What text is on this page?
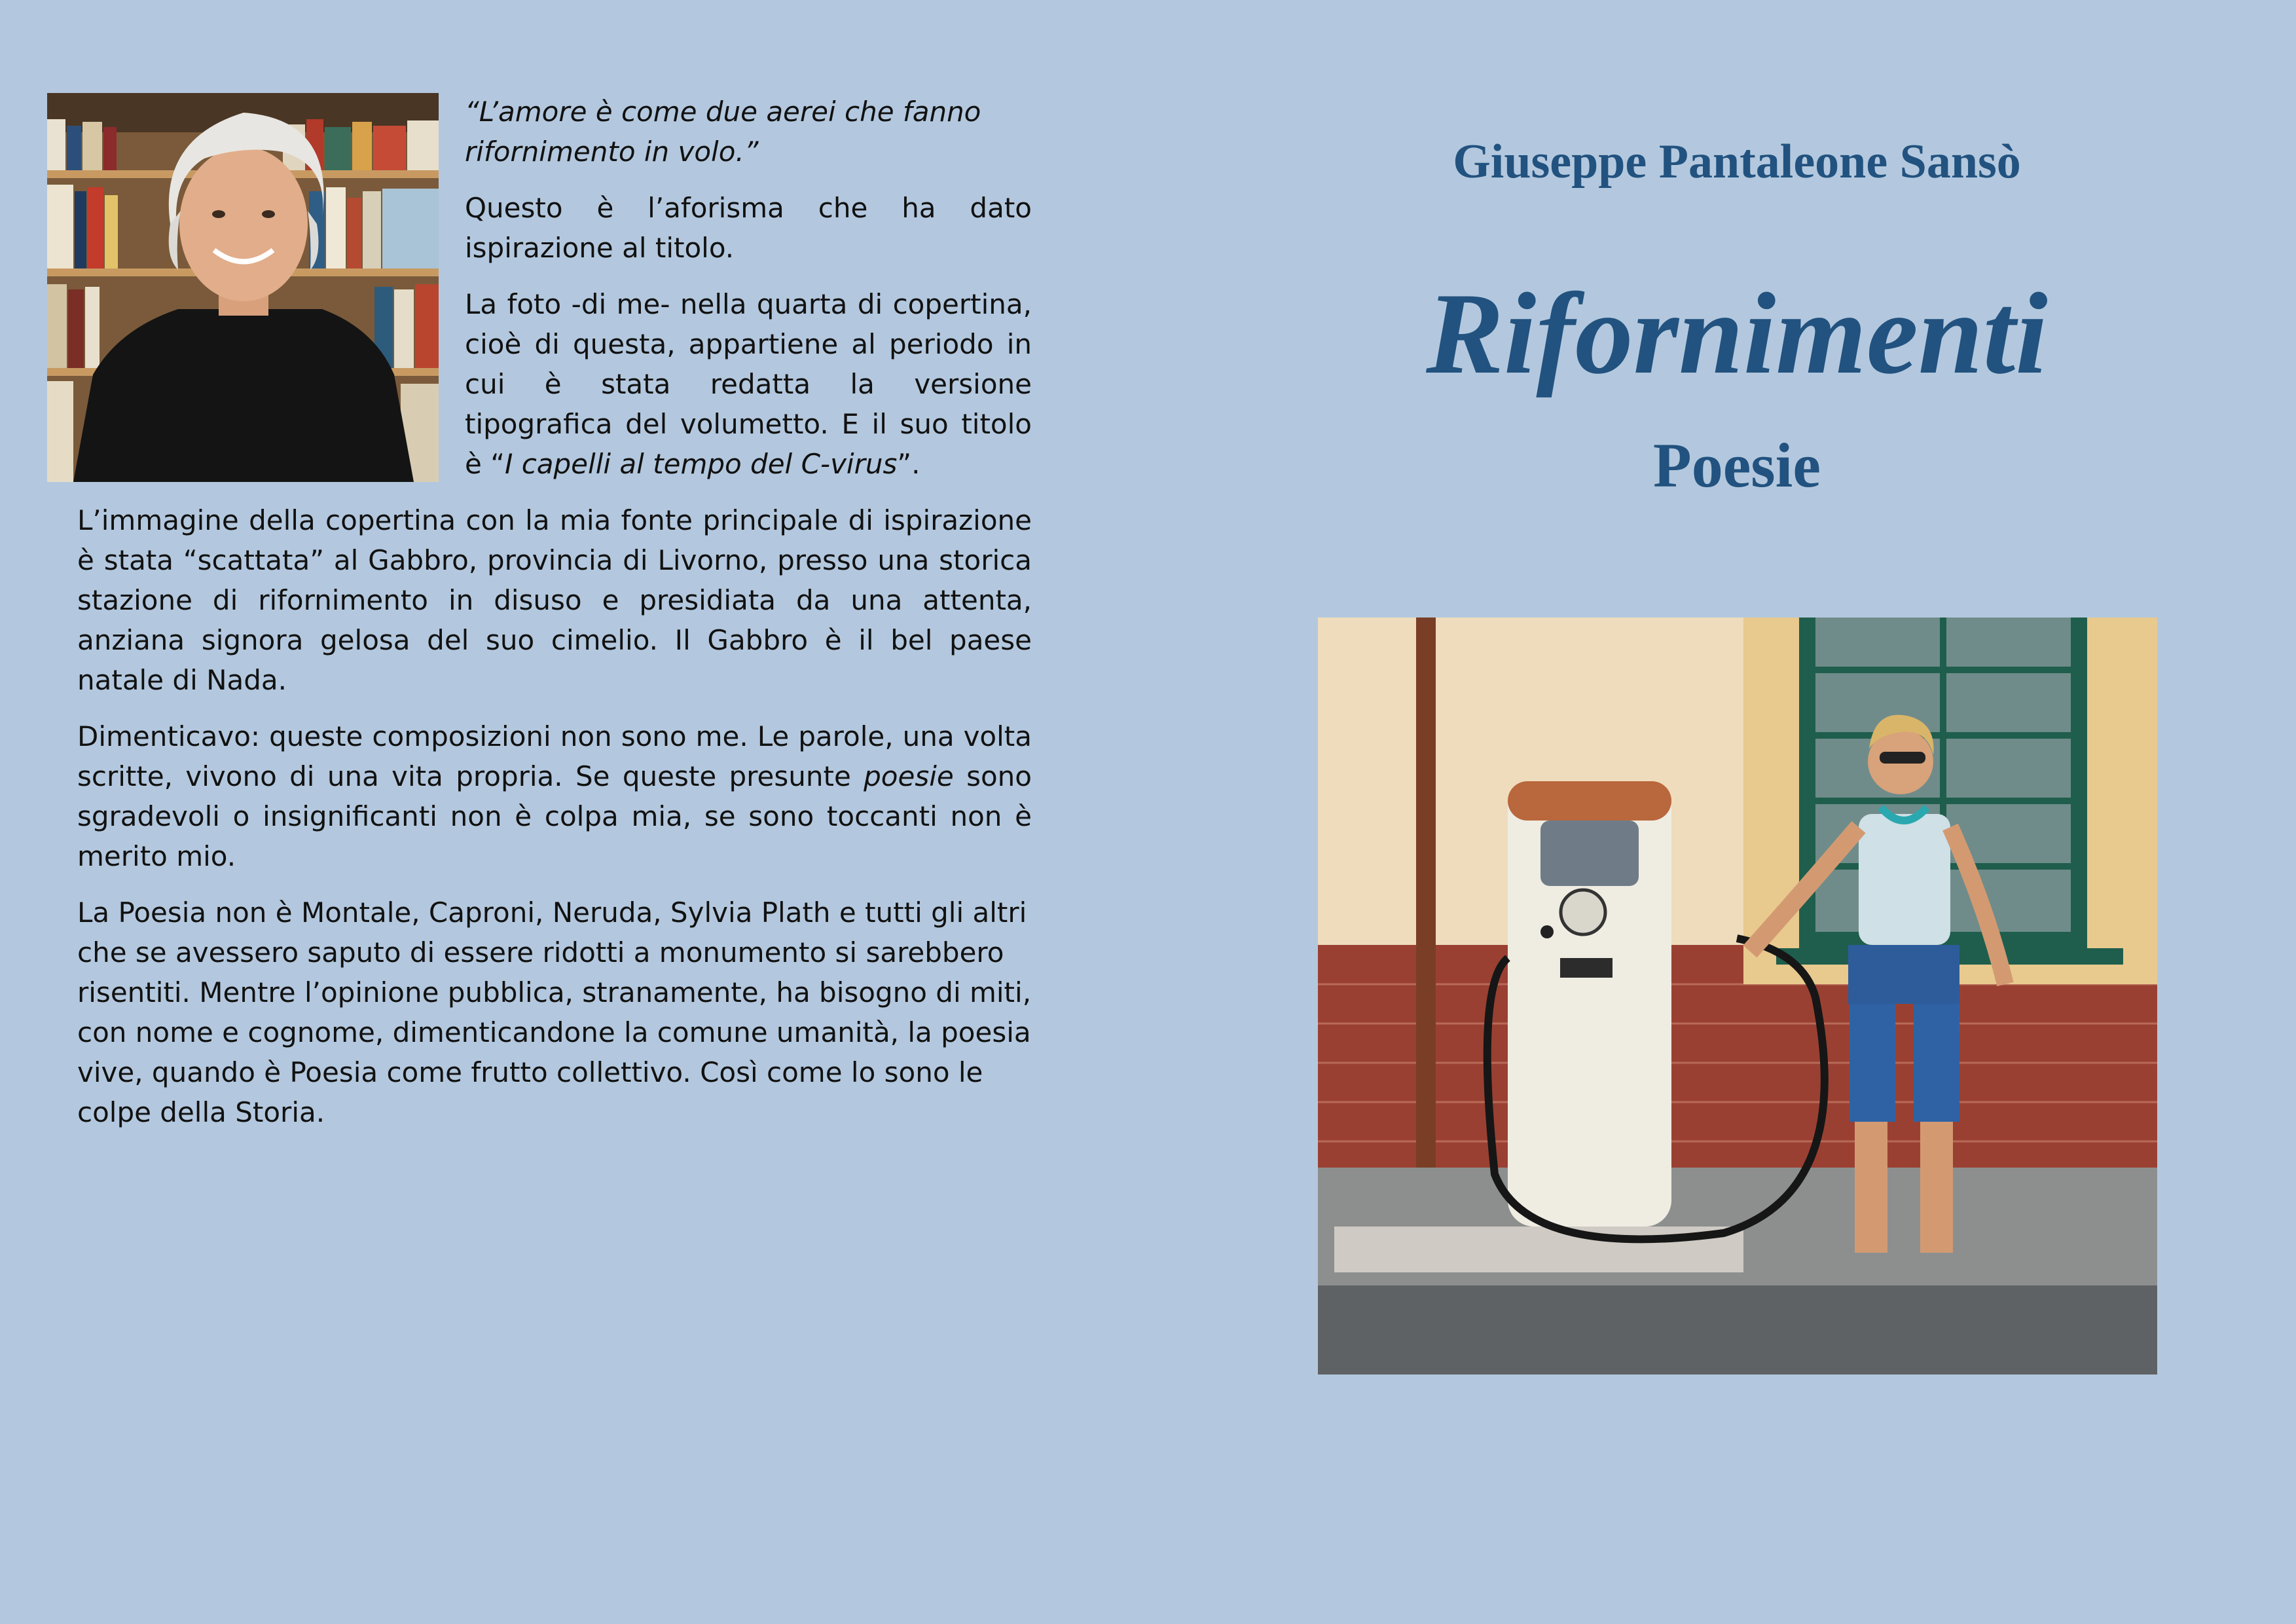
“L’amore è come due aerei che fanno rifornimento in volo.”

Questo è l’aforisma che ha dato ispirazione al titolo.

La foto -di me- nella quarta di copertina, cioè di questa, appartiene al periodo in cui è stata redatta la versione tipografica del volumetto. E il suo titolo è “I capelli al tempo del C-virus”.

L’immagine della copertina con la mia fonte principale di ispirazione è stata “scattata” al Gabbro, provincia di Livorno, presso una storica stazione di rifornimento in disuso e presidiata da una attenta, anziana signora gelosa del suo cimelio. Il Gabbro è il bel paese natale di Nada.

Dimenticavo: queste composizioni non sono me. Le parole, una volta scritte, vivono di una vita propria. Se queste presunte poesie sono sgradevoli o insignificanti non è colpa mia, se sono toccanti non è merito mio.

La Poesia non è Montale, Caproni, Neruda, Sylvia Plath e tutti gli altri che se avessero saputo di essere ridotti a monumento si sarebbero risentiti. Mentre l’opinione pubblica, stranamente, ha bisogno di miti, con nome e cognome, dimenticandone la comune umanità, la poesia vive, quando è Poesia come frutto collettivo. Così come lo sono le colpe della Storia.

Giuseppe Pantaleone Sansò
Rifornimenti
Poesie
